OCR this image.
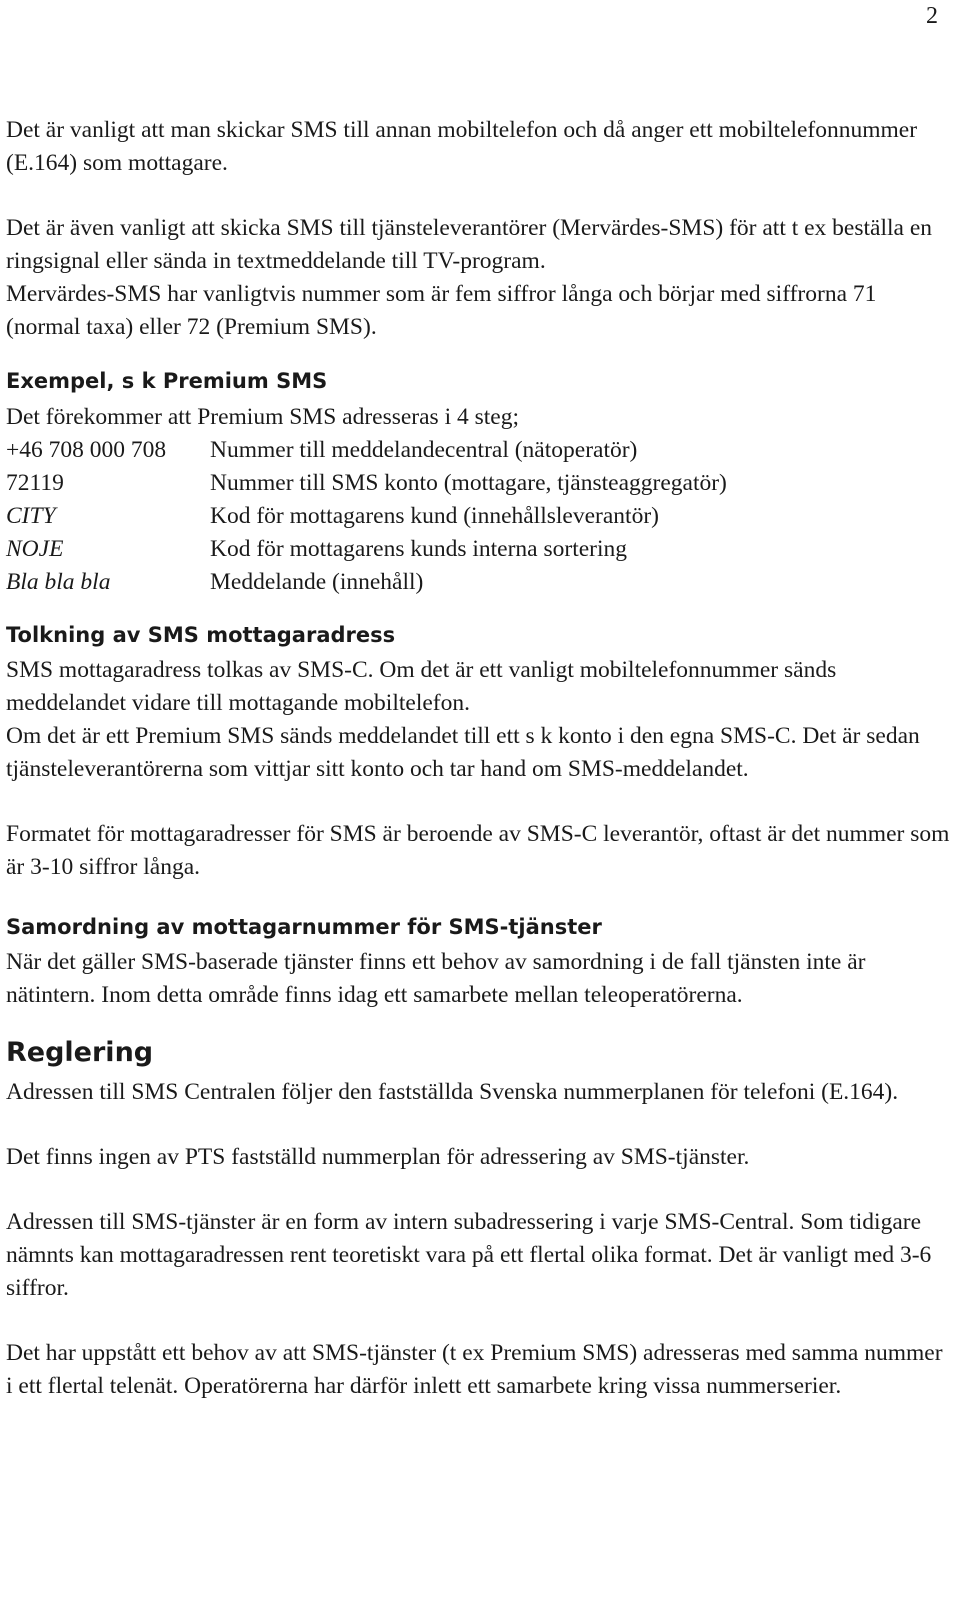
2

Det är vanligt att man skickar SMS till annan mobiltelefon och då anger ett mobiltelefonnummer (E.164) som mottagare.

Det är även vanligt att skicka SMS till tjänsteleverantörer (Mervärdes-SMS) för att t ex beställa en ringsignal eller sända in textmeddelande till TV-program.

Mervärdes-SMS har vanligtvis nummer som är fem siffror långa och börjar med siffrorna 71 (normal taxa) eller 72 (Premium SMS).

Exempel, s k Premium SMS

Det förekommer att Premium SMS adresseras i 4 steg;

+46 708 000 708	Nummer till meddelandecentral (nätoperatör)
72119	Nummer till SMS konto (mottagare, tjänsteaggregatör)
CITY	Kod för mottagarens kund (innehållsleverantör)
NOJE	Kod för mottagarens kunds interna sortering
Bla bla bla	Meddelande (innehåll)
Tolkning av SMS mottagaradress

SMS mottagaradress tolkas av SMS-C. Om det är ett vanligt mobiltelefonnummer sänds meddelandet vidare till mottagande mobiltelefon.

Om det är ett Premium SMS sänds meddelandet till ett s k konto i den egna SMS-C. Det är sedan tjänsteleverantörerna som vittjar sitt konto och tar hand om SMS-meddelandet.

Formatet för mottagaradresser för SMS är beroende av SMS-C leverantör, oftast är det nummer som är 3-10 siffror långa.

Samordning av mottagarnummer för SMS-tjänster

När det gäller SMS-baserade tjänster finns ett behov av samordning i de fall tjänsten inte är nätintern. Inom detta område finns idag ett samarbete mellan teleoperatörerna.

Reglering

Adressen till SMS Centralen följer den fastställda Svenska nummerplanen för telefoni (E.164).

Det finns ingen av PTS fastställd nummerplan för adressering av SMS-tjänster.

Adressen till SMS-tjänster är en form av intern subadressering i varje SMS-Central. Som tidigare nämnts kan mottagaradressen rent teoretiskt vara på ett flertal olika format. Det är vanligt med 3-6 siffror.

Det har uppstått ett behov av att SMS-tjänster (t ex Premium SMS) adresseras med samma nummer i ett flertal telenät. Operatörerna har därför inlett ett samarbete kring vissa nummerserier.
